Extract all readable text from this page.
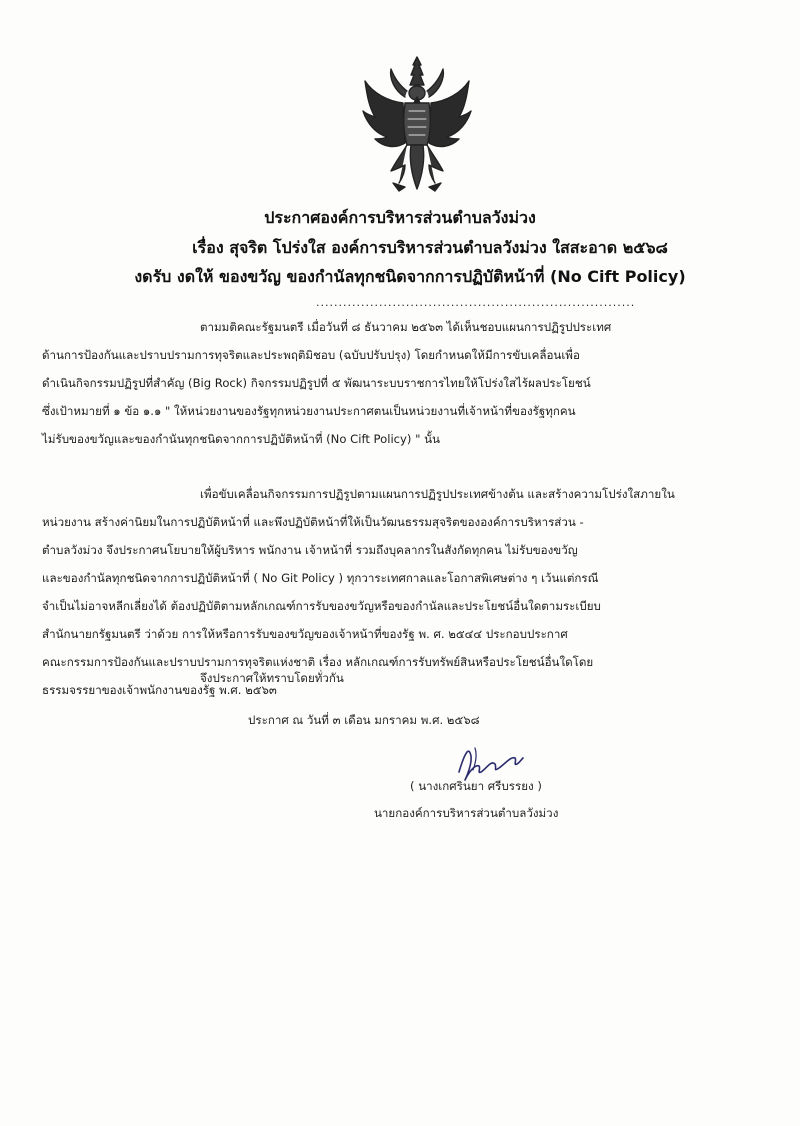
ประกาศองค์การบริหารส่วนตำบลวังม่วง
เรื่อง สุจริต โปร่งใส องค์การบริหารส่วนตำบลวังม่วง ใสสะอาด ๒๕๖๘
งดรับ งดให้ ของขวัญ ของกำนัลทุกชนิดจากการปฏิบัติหน้าที่ (No Cift Policy)
.......................................................................
ตามมติคณะรัฐมนตรี เมื่อวันที่ ๘ ธันวาคม ๒๕๖๓ ได้เห็นชอบแผนการปฏิรูปประเทศ
ด้านการป้องกันและปราบปรามการทุจริตและประพฤติมิชอบ (ฉบับปรับปรุง) โดยกำหนดให้มีการขับเคลื่อนเพื่อ
ดำเนินกิจกรรมปฏิรูปที่สำคัญ (Big Rock) กิจกรรมปฏิรูปที่ ๕ พัฒนาระบบราชการไทยให้โปร่งใสไร้ผลประโยชน์
ซึ่งเป้าหมายที่ ๑ ข้อ ๑.๑ " ให้หน่วยงานของรัฐทุกหน่วยงานประกาศตนเป็นหน่วยงานที่เจ้าหน้าที่ของรัฐทุกคน
ไม่รับของขวัญและของกำนันทุกชนิดจากการปฏิบัติหน้าที่ (No Cift Policy) " นั้น
เพื่อขับเคลื่อนกิจกรรมการปฏิรูปตามแผนการปฏิรูปประเทศข้างต้น และสร้างความโปร่งใสภายใน
หน่วยงาน สร้างค่านิยมในการปฏิบัติหน้าที่ และพึงปฏิบัติหน้าที่ให้เป็นวัฒนธรรมสุจริตขององค์การบริหารส่วน -
ตำบลวังม่วง จึงประกาศนโยบายให้ผู้บริหาร พนักงาน เจ้าหน้าที่ รวมถึงบุคลากรในสังกัดทุกคน ไม่รับของขวัญ
และของกำนัลทุกชนิดจากการปฏิบัติหน้าที่ ( No Git Policy ) ทุกวาระเทศกาลและโอกาสพิเศษต่าง ๆ เว้นแต่กรณี
จำเป็นไม่อาจหลีกเลี่ยงได้ ต้องปฏิบัติตามหลักเกณฑ์การรับของขวัญหรือของกำนัลและประโยชน์อื่นใดตามระเบียบ
สำนักนายกรัฐมนตรี ว่าด้วย การให้หรือการรับของขวัญของเจ้าหน้าที่ของรัฐ พ. ศ. ๒๕๔๔ ประกอบประกาศ
คณะกรรมการป้องกันและปราบปรามการทุจริตแห่งชาติ เรื่อง หลักเกณฑ์การรับทรัพย์สินหรือประโยชน์อื่นใดโดย
ธรรมจรรยาของเจ้าพนักงานของรัฐ พ.ศ. ๒๕๖๓
จึงประกาศให้ทราบโดยทั่วกัน
ประกาศ ณ วันที่ ๓ เดือน มกราคม พ.ศ. ๒๕๖๘
( นางเกศรินยา ศรีบรรยง )
นายกองค์การบริหารส่วนตำบลวังม่วง
